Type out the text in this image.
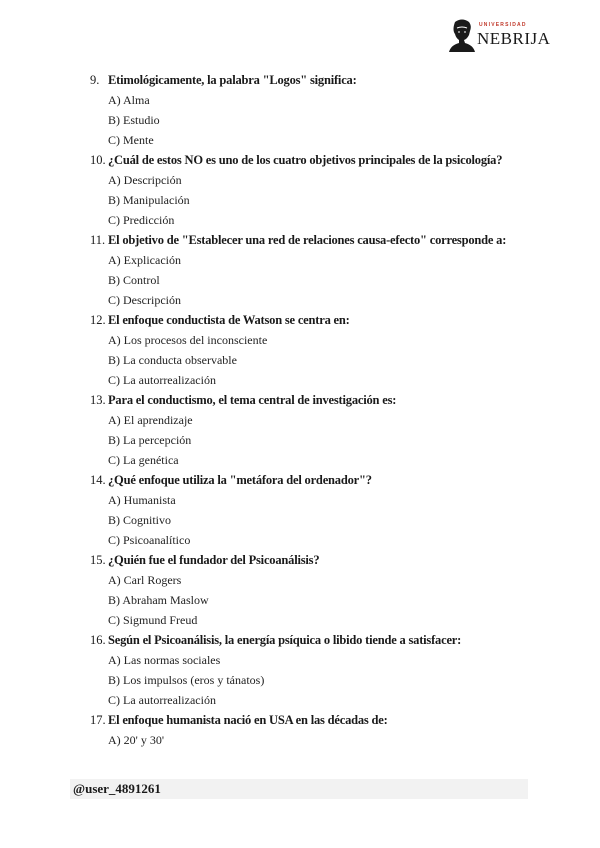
UNIVERSIDAD
NEBRIJA
9. Etimológicamente, la palabra "Logos" significa:
A) Alma
B) Estudio
C) Mente
10. ¿Cuál de estos NO es uno de los cuatro objetivos principales de la psicología?
A) Descripción
B) Manipulación
C) Predicción
11. El objetivo de "Establecer una red de relaciones causa-efecto" corresponde a:
A) Explicación
B) Control
C) Descripción
12. El enfoque conductista de Watson se centra en:
A) Los procesos del inconsciente
B) La conducta observable
C) La autorrealización
13. Para el conductismo, el tema central de investigación es:
A) El aprendizaje
B) La percepción
C) La genética
14. ¿Qué enfoque utiliza la "metáfora del ordenador"?
A) Humanista
B) Cognitivo
C) Psicoanalítico
15. ¿Quién fue el fundador del Psicoanálisis?
A) Carl Rogers
B) Abraham Maslow
C) Sigmund Freud
16. Según el Psicoanálisis, la energía psíquica o libido tiende a satisfacer:
A) Las normas sociales
B) Los impulsos (eros y tánatos)
C) La autorrealización
17. El enfoque humanista nació en USA en las décadas de:
A) 20' y 30'
@user_4891261
